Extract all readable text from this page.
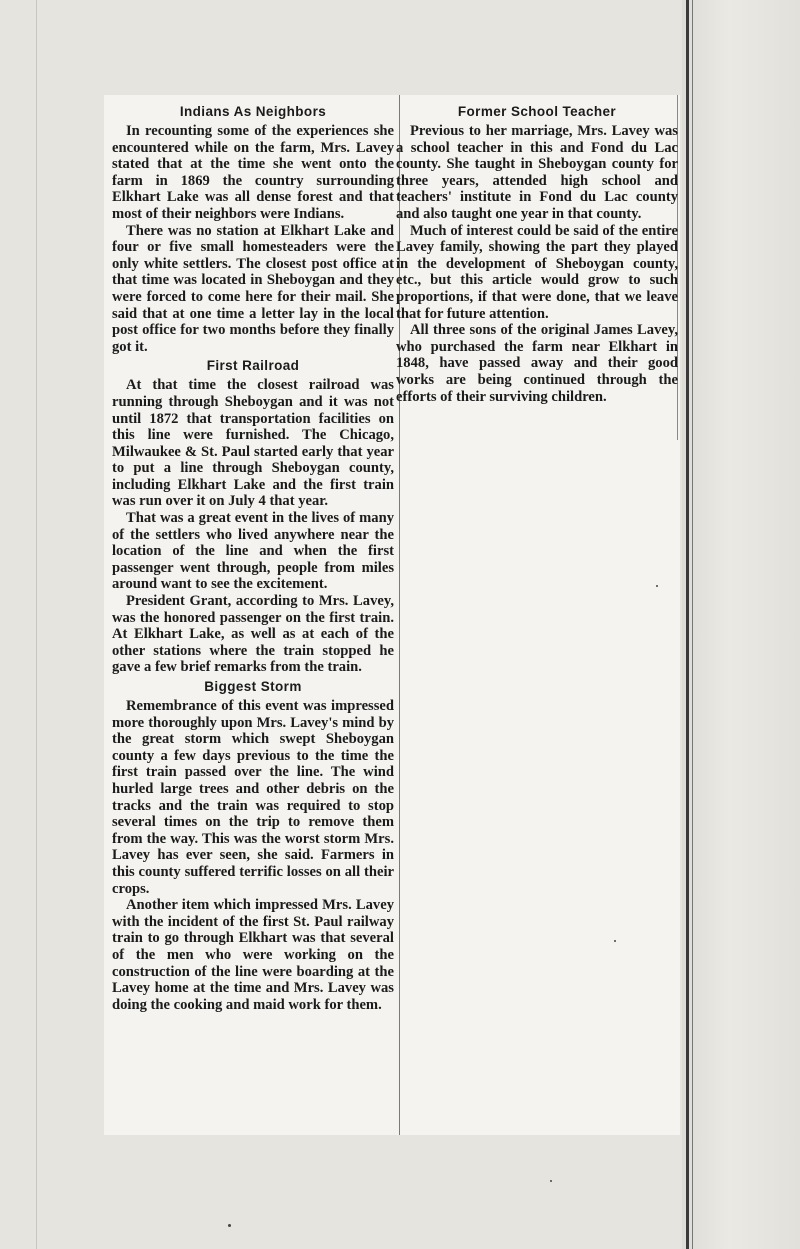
Indians As Neighbors

In recounting some of the experiences she encountered while on the farm, Mrs. Lavey stated that at the time she went onto the farm in 1869 the country surrounding Elkhart Lake was all dense forest and that most of their neighbors were Indians.

There was no station at Elkhart Lake and four or five small homesteaders were the only white settlers. The closest post office at that time was located in Sheboygan and they were forced to come here for their mail. She said that at one time a letter lay in the local post office for two months before they finally got it.

First Railroad

At that time the closest railroad was running through Sheboygan and it was not until 1872 that transportation facilities on this line were furnished. The Chicago, Milwaukee & St. Paul started early that year to put a line through Sheboygan county, including Elkhart Lake and the first train was run over it on July 4 that year.

That was a great event in the lives of many of the settlers who lived anywhere near the location of the line and when the first passenger went through, people from miles around want to see the excitement.

President Grant, according to Mrs. Lavey, was the honored passenger on the first train. At Elkhart Lake, as well as at each of the other stations where the train stopped he gave a few brief remarks from the train.

Biggest Storm

Remembrance of this event was impressed more thoroughly upon Mrs. Lavey's mind by the great storm which swept Sheboygan county a few days previous to the time the first train passed over the line. The wind hurled large trees and other debris on the tracks and the train was required to stop several times on the trip to remove them from the way. This was the worst storm Mrs. Lavey has ever seen, she said. Farmers in this county suffered terrific losses on all their crops.

Another item which impressed Mrs. Lavey with the incident of the first St. Paul railway train to go through Elkhart was that several of the men who were working on the construction of the line were boarding at the Lavey home at the time and Mrs. Lavey was doing the cooking and maid work for them.

Former School Teacher

Previous to her marriage, Mrs. Lavey was a school teacher in this and Fond du Lac county. She taught in Sheboygan county for three years, attended high school and teachers' institute in Fond du Lac county and also taught one year in that county.

Much of interest could be said of the entire Lavey family, showing the part they played in the development of Sheboygan county, etc., but this article would grow to such proportions, if that were done, that we leave that for future attention.

All three sons of the original James Lavey, who purchased the farm near Elkhart in 1848, have passed away and their good works are being continued through the efforts of their surviving children.
